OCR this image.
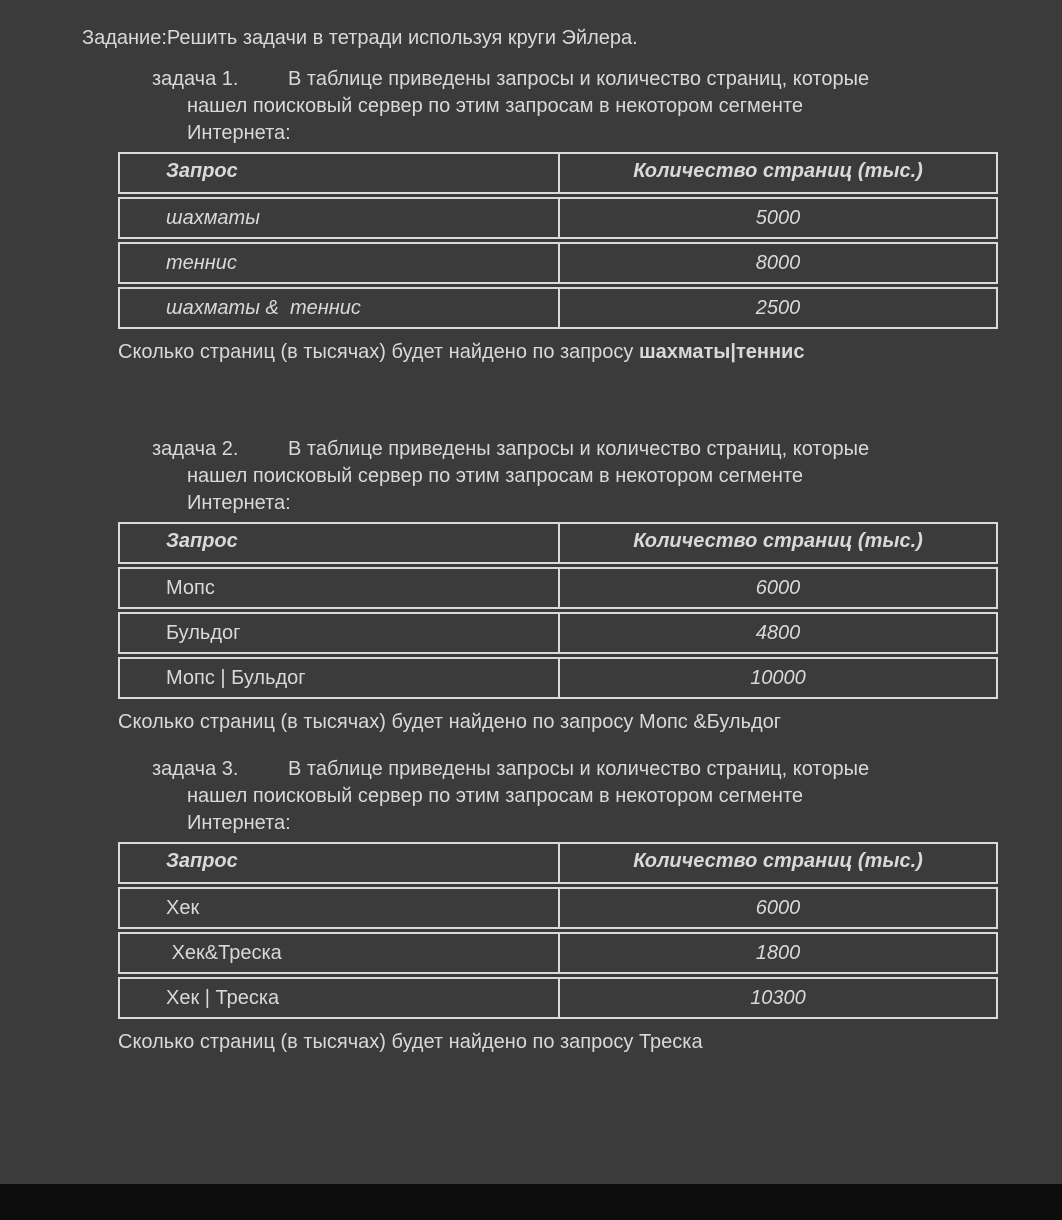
Задание:Решить задачи в тетради используя круги Эйлера.
задача 1. В таблице приведены запросы и количество страниц, которые
нашел поисковый сервер по этим запросам в некотором сегменте
Интернета:
Запрос	Количество страниц (тыс.)
шахматы	5000
теннис	8000
шахматы &  теннис	2500
Сколько страниц (в тысячах) будет найдено по запросу шахматы|теннис
задача 2. В таблице приведены запросы и количество страниц, которые
нашел поисковый сервер по этим запросам в некотором сегменте
Интернета:
Запрос	Количество страниц (тыс.)
Мопс	6000
Бульдог	4800
Мопс | Бульдог	10000
Сколько страниц (в тысячах) будет найдено по запросу Мопс &Бульдог
задача 3. В таблице приведены запросы и количество страниц, которые
нашел поисковый сервер по этим запросам в некотором сегменте
Интернета:
Запрос	Количество страниц (тыс.)
Хек	6000
Хек&Треска	1800
Хек | Треска	10300
Сколько страниц (в тысячах) будет найдено по запросу Треска
